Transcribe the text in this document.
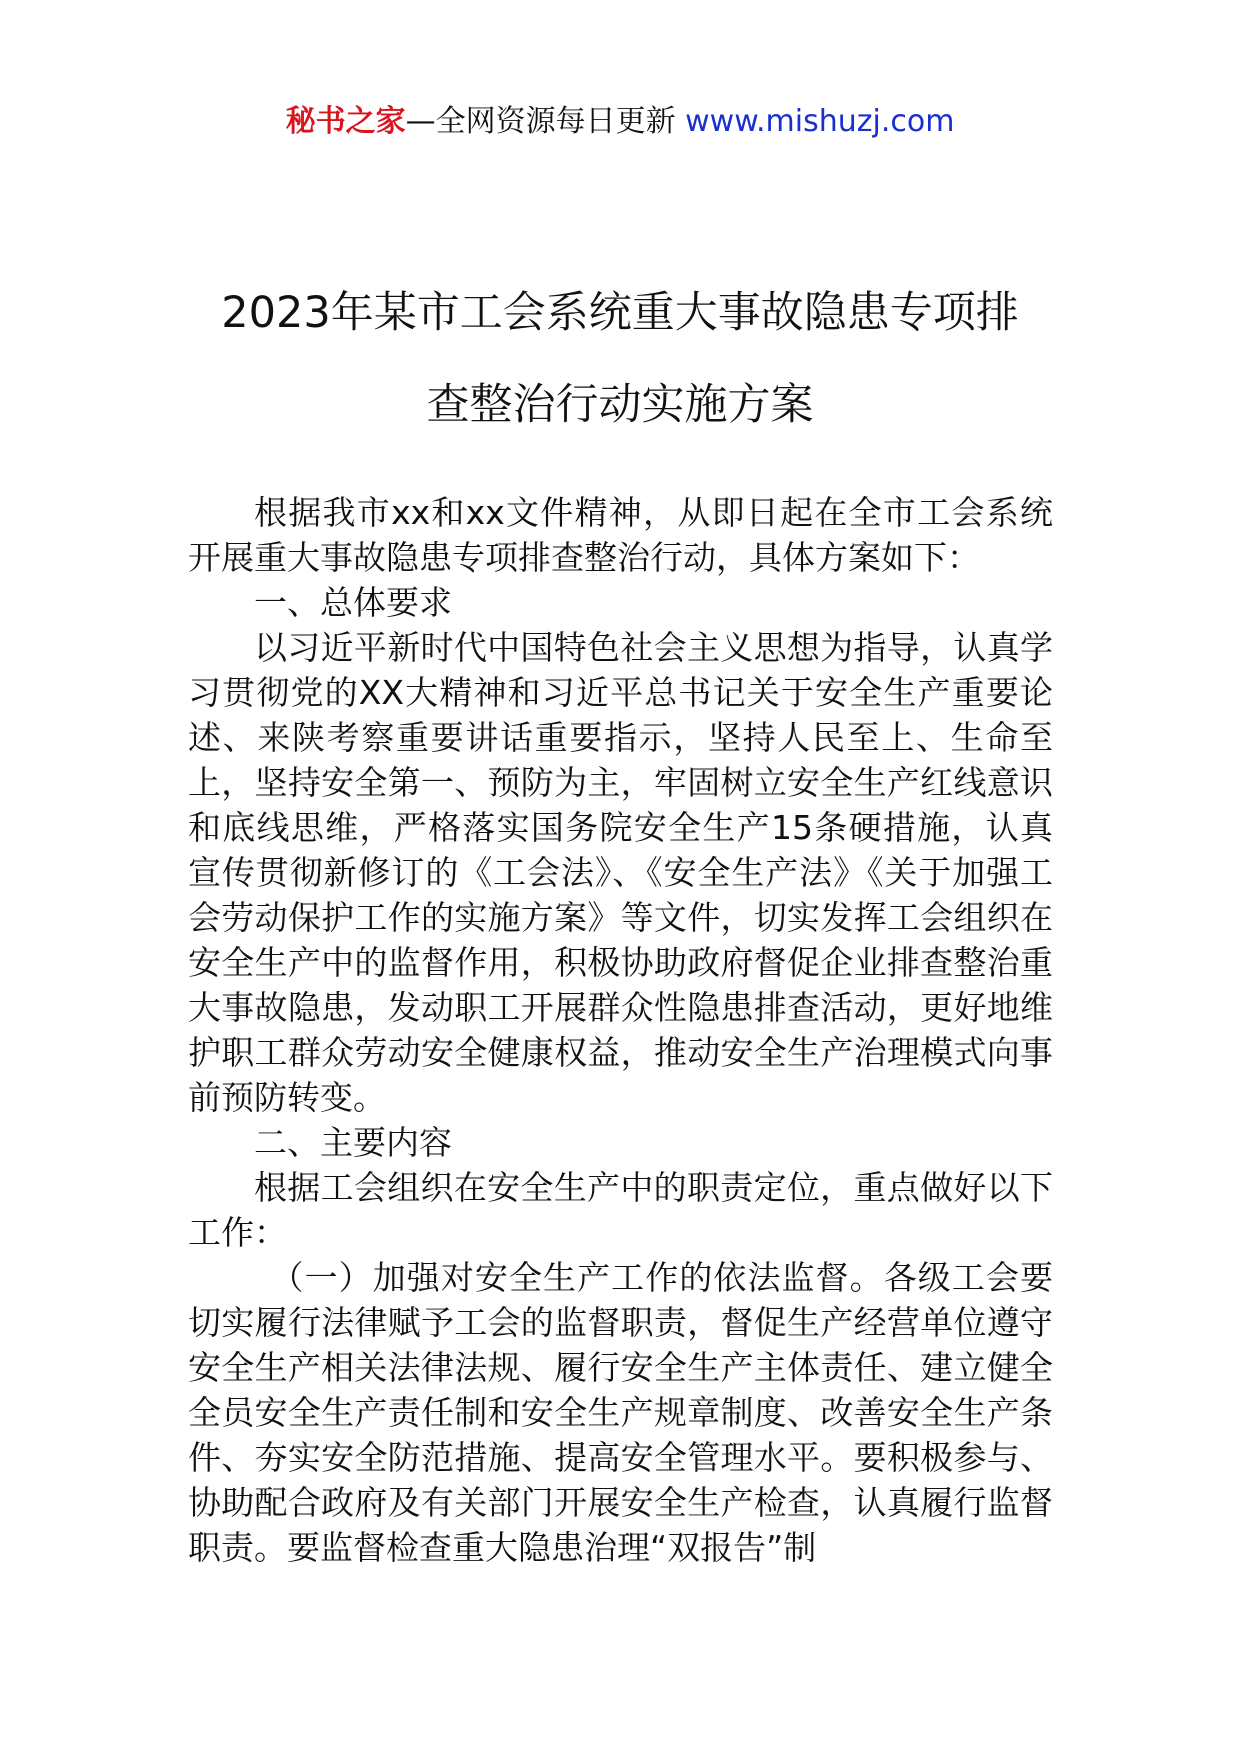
秘书之家—全网资源每日更新 www.mishuzj.com
2023年某市工会系统重大事故隐患专项排
查整治行动实施方案

根据我市xx和xx文件精神，从即日起在全市工会系统开展重大事故隐患专项排查整治行动，具体方案如下：

一、总体要求

以习近平新时代中国特色社会主义思想为指导，认真学习贯彻党的XX大精神和习近平总书记关于安全生产重要论述、来陕考察重要讲话重要指示，坚持人民至上、生命至上，坚持安全第一、预防为主，牢固树立安全生产红线意识和底线思维，严格落实国务院安全生产15条硬措施，认真宣传贯彻新修订的《工会法》、《安全生产法》《关于加强工会劳动保护工作的实施方案》等文件，切实发挥工会组织在安全生产中的监督作用，积极协助政府督促企业排查整治重大事故隐患，发动职工开展群众性隐患排查活动，更好地维护职工群众劳动安全健康权益，推动安全生产治理模式向事前预防转变。

二、主要内容

根据工会组织在安全生产中的职责定位，重点做好以下工作：

（一）加强对安全生产工作的依法监督。各级工会要切实履行法律赋予工会的监督职责，督促生产经营单位遵守安全生产相关法律法规、履行安全生产主体责任、建立健全全员安全生产责任制和安全生产规章制度、改善安全生产条件、夯实安全防范措施、提高安全管理水平。要积极参与、协助配合政府及有关部门开展安全生产检查，认真履行监督职责。要监督检查重大隐患治理“双报告”制
